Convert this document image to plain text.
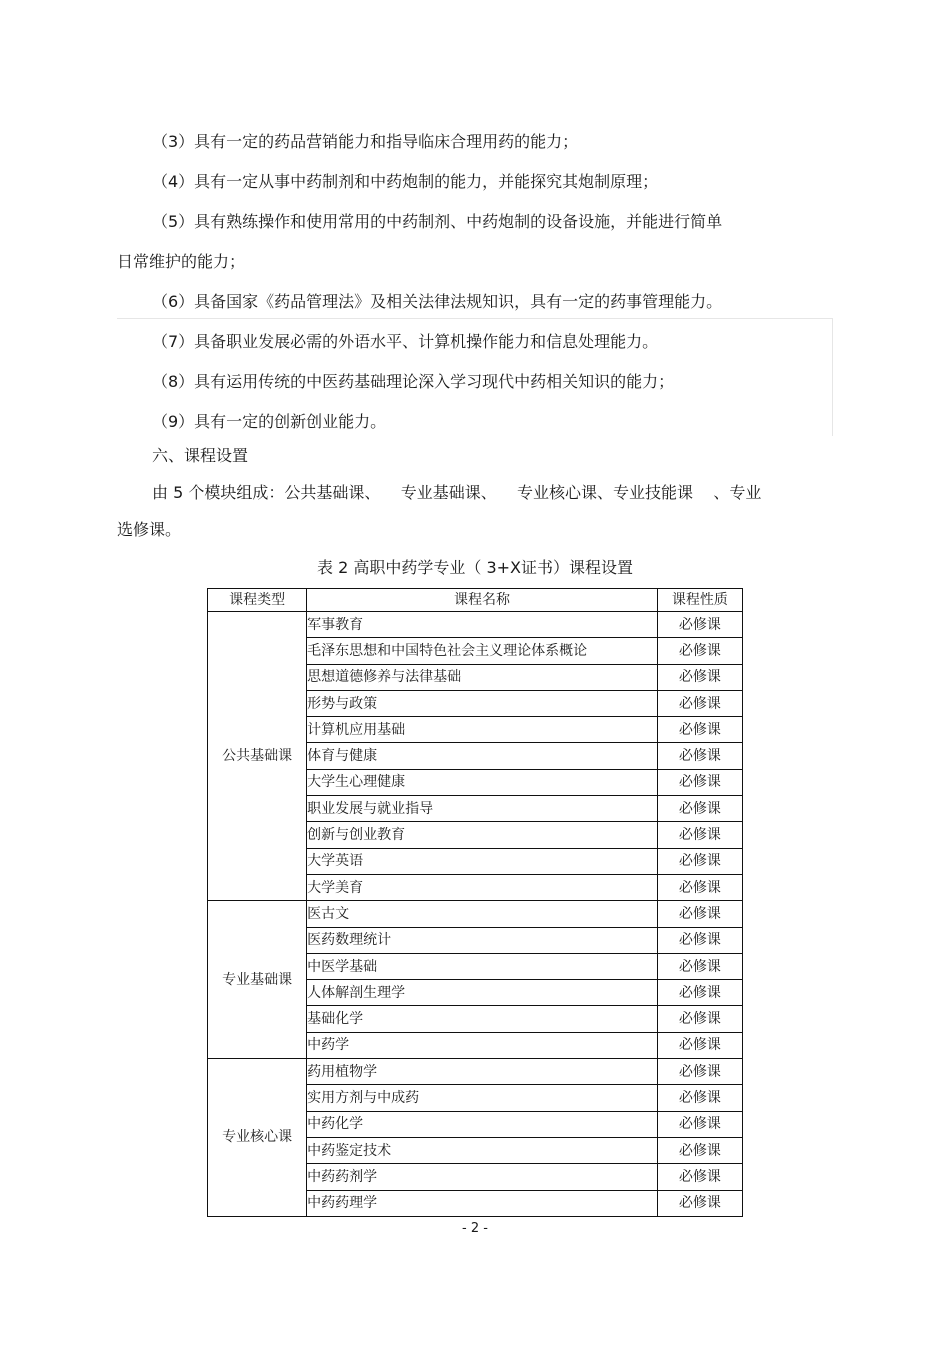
（3）具有一定的药品营销能力和指导临床合理用药的能力；
（4）具有一定从事中药制剂和中药炮制的能力，并能探究其炮制原理；
（5）具有熟练操作和使用常用的中药制剂、中药炮制的设备设施，并能进行简单
日常维护的能力；
（6）具备国家《药品管理法》及相关法律法规知识，具有一定的药事管理能力。
（7）具备职业发展必需的外语水平、计算机操作能力和信息处理能力。
（8）具有运用传统的中医药基础理论深入学习现代中药相关知识的能力；
（9）具有一定的创新创业能力。
六、课程设置
由 5 个模块组成：公共基础课、    专业基础课、    专业核心课、专业技能课    、专业
选修课。
表 2 高职中药学专业（ 3+X证书）课程设置
课程类型	课程名称	课程性质
公共基础课	军事教育	必修课
	毛泽东思想和中国特色社会主义理论体系概论	必修课
	思想道德修养与法律基础	必修课
	形势与政策	必修课
	计算机应用基础	必修课
	体育与健康	必修课
	大学生心理健康	必修课
	职业发展与就业指导	必修课
	创新与创业教育	必修课
	大学英语	必修课
	大学美育	必修课
专业基础课	医古文	必修课
	医药数理统计	必修课
	中医学基础	必修课
	人体解剖生理学	必修课
	基础化学	必修课
	中药学	必修课
专业核心课	药用植物学	必修课
	实用方剂与中成药	必修课
	中药化学	必修课
	中药鉴定技术	必修课
	中药药剂学	必修课
	中药药理学	必修课
- 2 -
